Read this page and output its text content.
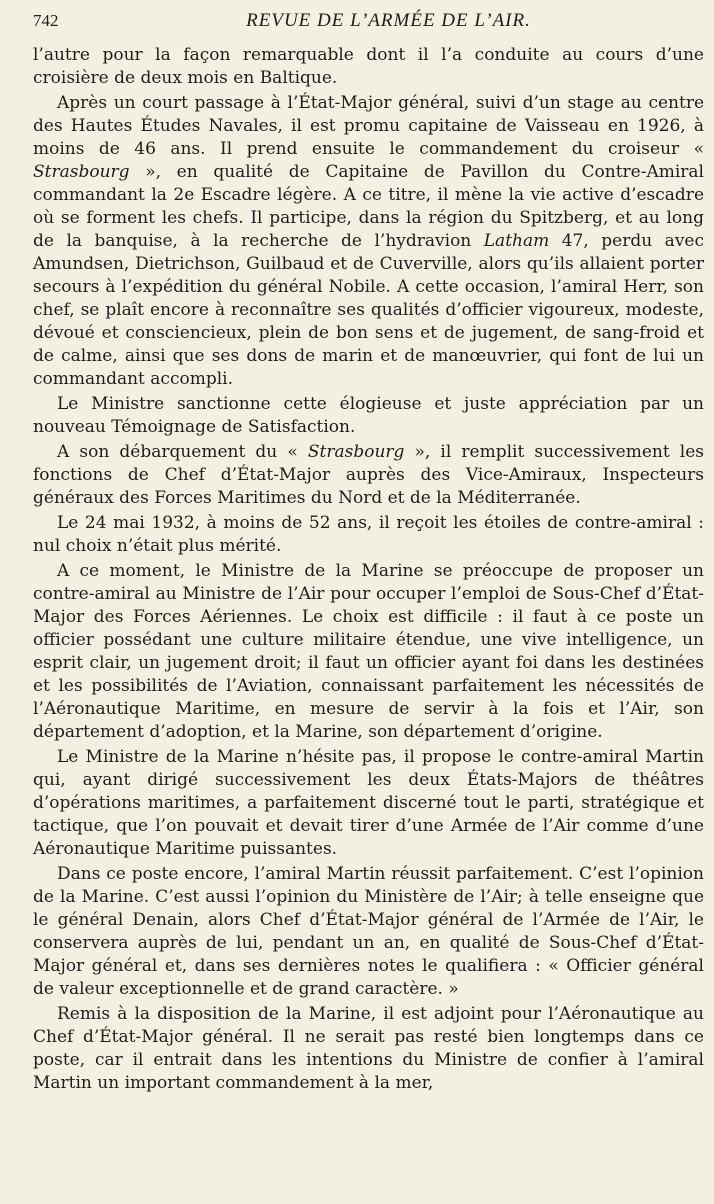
742	REVUE DE L’ARMÉE DE L’AIR.

l’autre pour la façon remarquable dont il l’a conduite au cours d’une croisière de deux mois en Baltique.

Après un court passage à l’État-Major général, suivi d’un stage au centre des Hautes Études Navales, il est promu capitaine de Vaisseau en 1926, à moins de 46 ans. Il prend ensuite le commandement du croiseur « Strasbourg », en qualité de Capitaine de Pavillon du Contre-Amiral commandant la 2e Escadre légère. A ce titre, il mène la vie active d’escadre où se forment les chefs. Il participe, dans la région du Spitzberg, et au long de la banquise, à la recherche de l’hydravion Latham 47, perdu avec Amundsen, Dietrichson, Guilbaud et de Cuverville, alors qu’ils allaient porter secours à l’expédition du général Nobile. A cette occasion, l’amiral Herr, son chef, se plaît encore à reconnaître ses qualités d’officier vigoureux, modeste, dévoué et consciencieux, plein de bon sens et de jugement, de sang-froid et de calme, ainsi que ses dons de marin et de manœuvrier, qui font de lui un commandant accompli.

Le Ministre sanctionne cette élogieuse et juste appréciation par un nouveau Témoignage de Satisfaction.

A son débarquement du « Strasbourg », il remplit successivement les fonctions de Chef d’État-Major auprès des Vice-Amiraux, Inspecteurs généraux des Forces Maritimes du Nord et de la Méditerranée.

Le 24 mai 1932, à moins de 52 ans, il reçoit les étoiles de contre-amiral : nul choix n’était plus mérité.

A ce moment, le Ministre de la Marine se préoccupe de proposer un contre-amiral au Ministre de l’Air pour occuper l’emploi de Sous-Chef d’État-Major des Forces Aériennes. Le choix est difficile : il faut à ce poste un officier possédant une culture militaire étendue, une vive intelligence, un esprit clair, un jugement droit; il faut un officier ayant foi dans les destinées et les possibilités de l’Aviation, connaissant parfaitement les nécessités de l’Aéronautique Maritime, en mesure de servir à la fois et l’Air, son département d’adoption, et la Marine, son département d’origine.

Le Ministre de la Marine n’hésite pas, il propose le contre-amiral Martin qui, ayant dirigé successivement les deux États-Majors de théâtres d’opérations maritimes, a parfaitement discerné tout le parti, stratégique et tactique, que l’on pouvait et devait tirer d’une Armée de l’Air comme d’une Aéronautique Maritime puissantes.

Dans ce poste encore, l’amiral Martin réussit parfaitement. C’est l’opinion de la Marine. C’est aussi l’opinion du Ministère de l’Air; à telle enseigne que le général Denain, alors Chef d’État-Major général de l’Armée de l’Air, le conservera auprès de lui, pendant un an, en qualité de Sous-Chef d’État-Major général et, dans ses dernières notes le qualifiera : « Officier général de valeur exceptionnelle et de grand caractère. »

Remis à la disposition de la Marine, il est adjoint pour l’Aéronautique au Chef d’État-Major général. Il ne serait pas resté bien longtemps dans ce poste, car il entrait dans les intentions du Ministre de confier à l’amiral Martin un important commandement à la mer,
